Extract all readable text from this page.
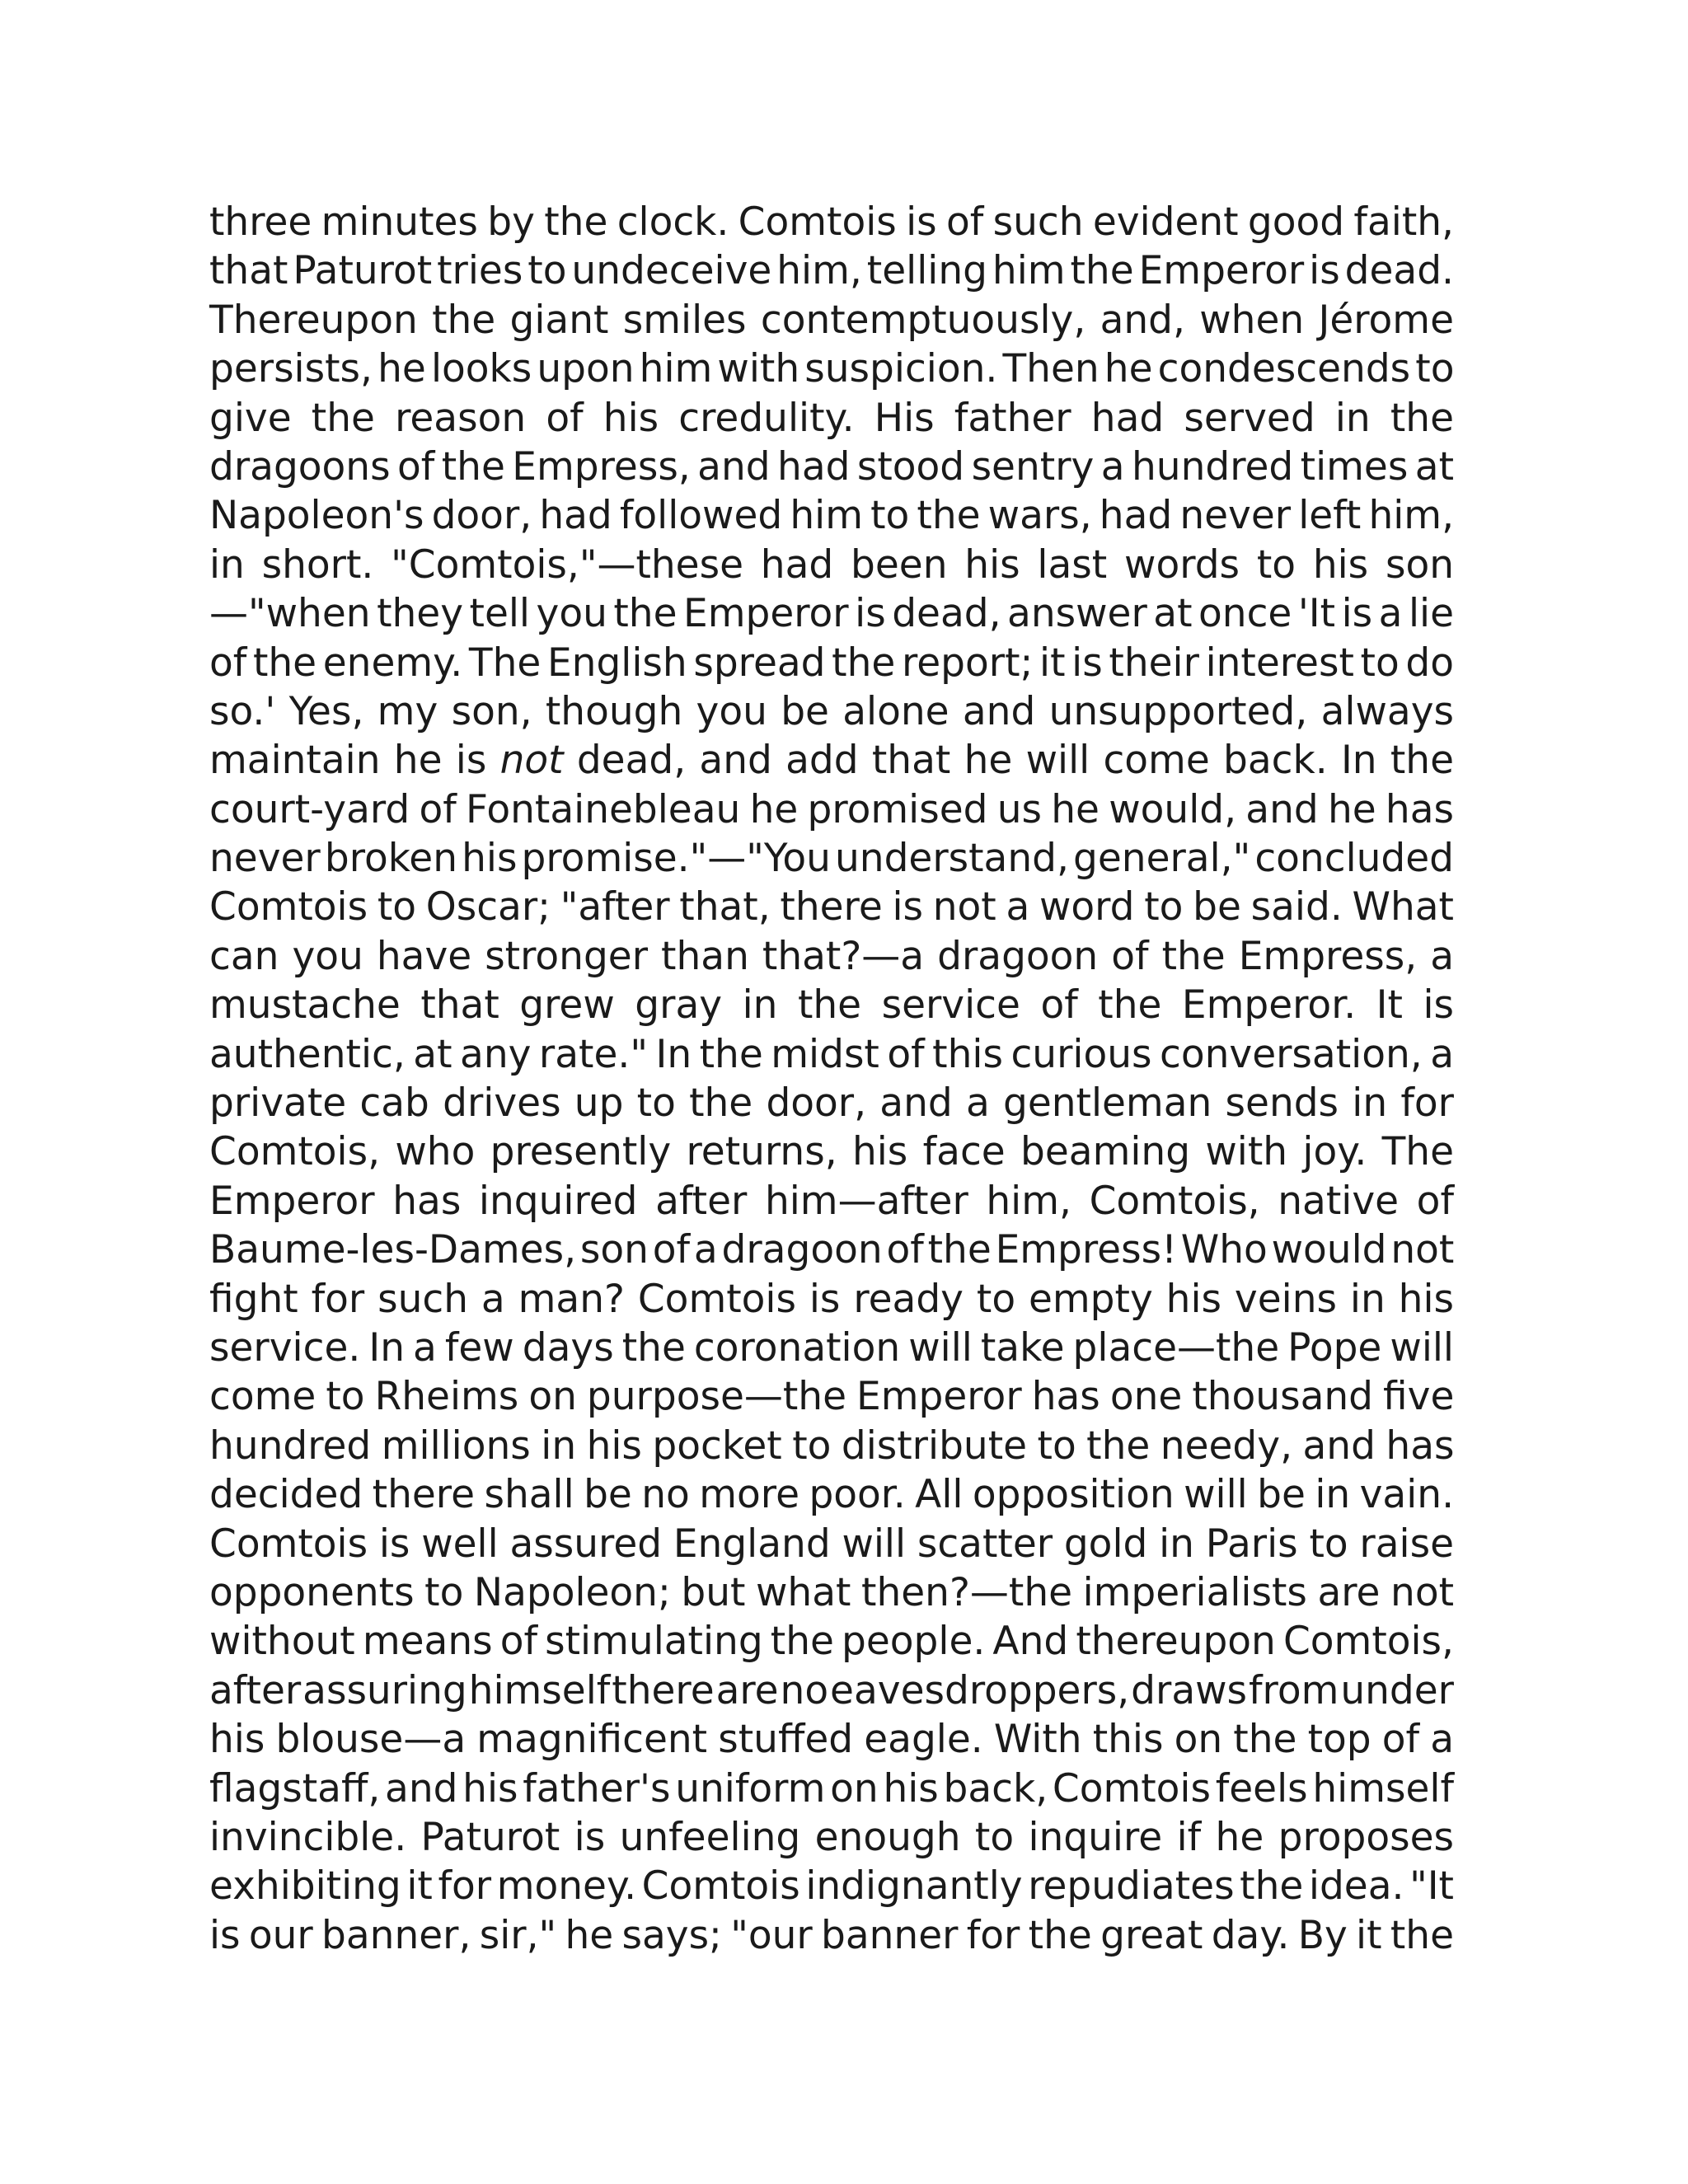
three minutes by the clock. Comtois is of such evident good faith,
that Paturot tries to undeceive him, telling him the Emperor is dead.
Thereupon the giant smiles contemptuously, and, when Jérome
persists, he looks upon him with suspicion. Then he condescends to
give the reason of his credulity. His father had served in the
dragoons of the Empress, and had stood sentry a hundred times at
Napoleon's door, had followed him to the wars, had never left him,
in short. "Comtois,"—these had been his last words to his son
—"when they tell you the Emperor is dead, answer at once 'It is a lie
of the enemy. The English spread the report; it is their interest to do
so.' Yes, my son, though you be alone and unsupported, always
maintain he is not dead, and add that he will come back. In the
court-yard of Fontainebleau he promised us he would, and he has
never broken his promise."—"You understand, general," concluded
Comtois to Oscar; "after that, there is not a word to be said. What
can you have stronger than that?—a dragoon of the Empress, a
mustache that grew gray in the service of the Emperor. It is
authentic, at any rate." In the midst of this curious conversation, a
private cab drives up to the door, and a gentleman sends in for
Comtois, who presently returns, his face beaming with joy. The
Emperor has inquired after him—after him, Comtois, native of
Baume-les-Dames, son of a dragoon of the Empress! Who would not
fight for such a man? Comtois is ready to empty his veins in his
service. In a few days the coronation will take place—the Pope will
come to Rheims on purpose—the Emperor has one thousand five
hundred millions in his pocket to distribute to the needy, and has
decided there shall be no more poor. All opposition will be in vain.
Comtois is well assured England will scatter gold in Paris to raise
opponents to Napoleon; but what then?—the imperialists are not
without means of stimulating the people. And thereupon Comtois,
after assuring himself there are no eavesdroppers, draws from under
his blouse—a magnificent stuffed eagle. With this on the top of a
flagstaff, and his father's uniform on his back, Comtois feels himself
invincible. Paturot is unfeeling enough to inquire if he proposes
exhibiting it for money. Comtois indignantly repudiates the idea. "It
is our banner, sir," he says; "our banner for the great day. By it the
